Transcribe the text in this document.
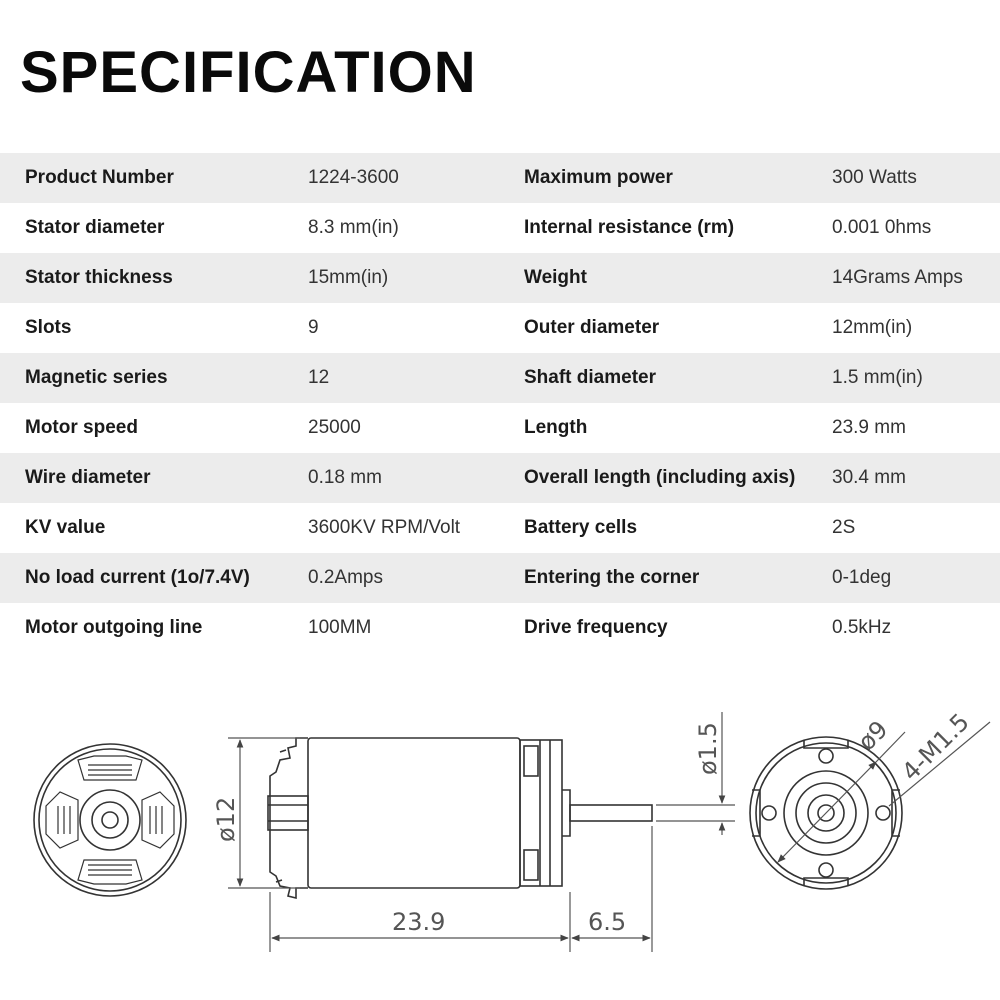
SPECIFICATION
Product Number	1224-3600	Maximum power	300 Watts
Stator diameter	8.3 mm(in)	Internal resistance (rm)	0.001 0hms
Stator thickness	15mm(in)	Weight	14Grams Amps
Slots	9	Outer diameter	12mm(in)
Magnetic series	12	Shaft diameter	1.5 mm(in)
Motor speed	25000	Length	23.9 mm
Wire diameter	0.18 mm	Overall length (including axis) 30.4 mm
KV value	3600KV RPM/Volt	Battery cells	2S
No load current (1o/7.4V)	0.2Amps	Entering the corner	0-1deg
Motor outgoing line	100MM	Drive frequency	0.5kHz
ø12
23.9	6.5
ø1.5	ø9 4-M1.5
